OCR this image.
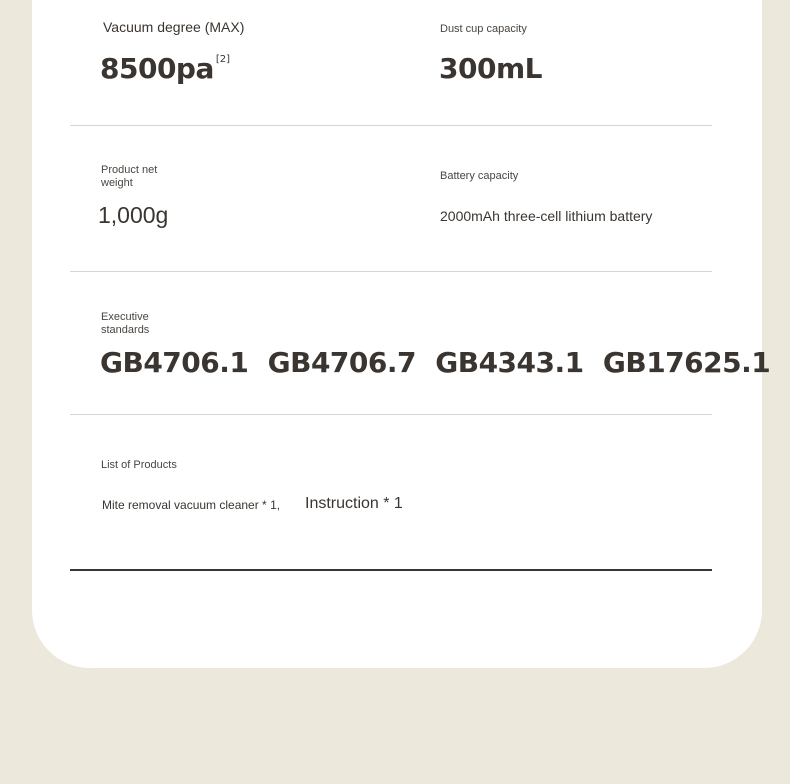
Vacuum degree (MAX)
8500pa [2]
Dust cup capacity
300mL
Product net
weight
1,000g
Battery capacity
2000mAh three-cell lithium battery
Executive
standards
GB4706.1 GB4706.7 GB4343.1 GB17625.1
List of Products
Mite removal vacuum cleaner * 1, Instruction * 1
